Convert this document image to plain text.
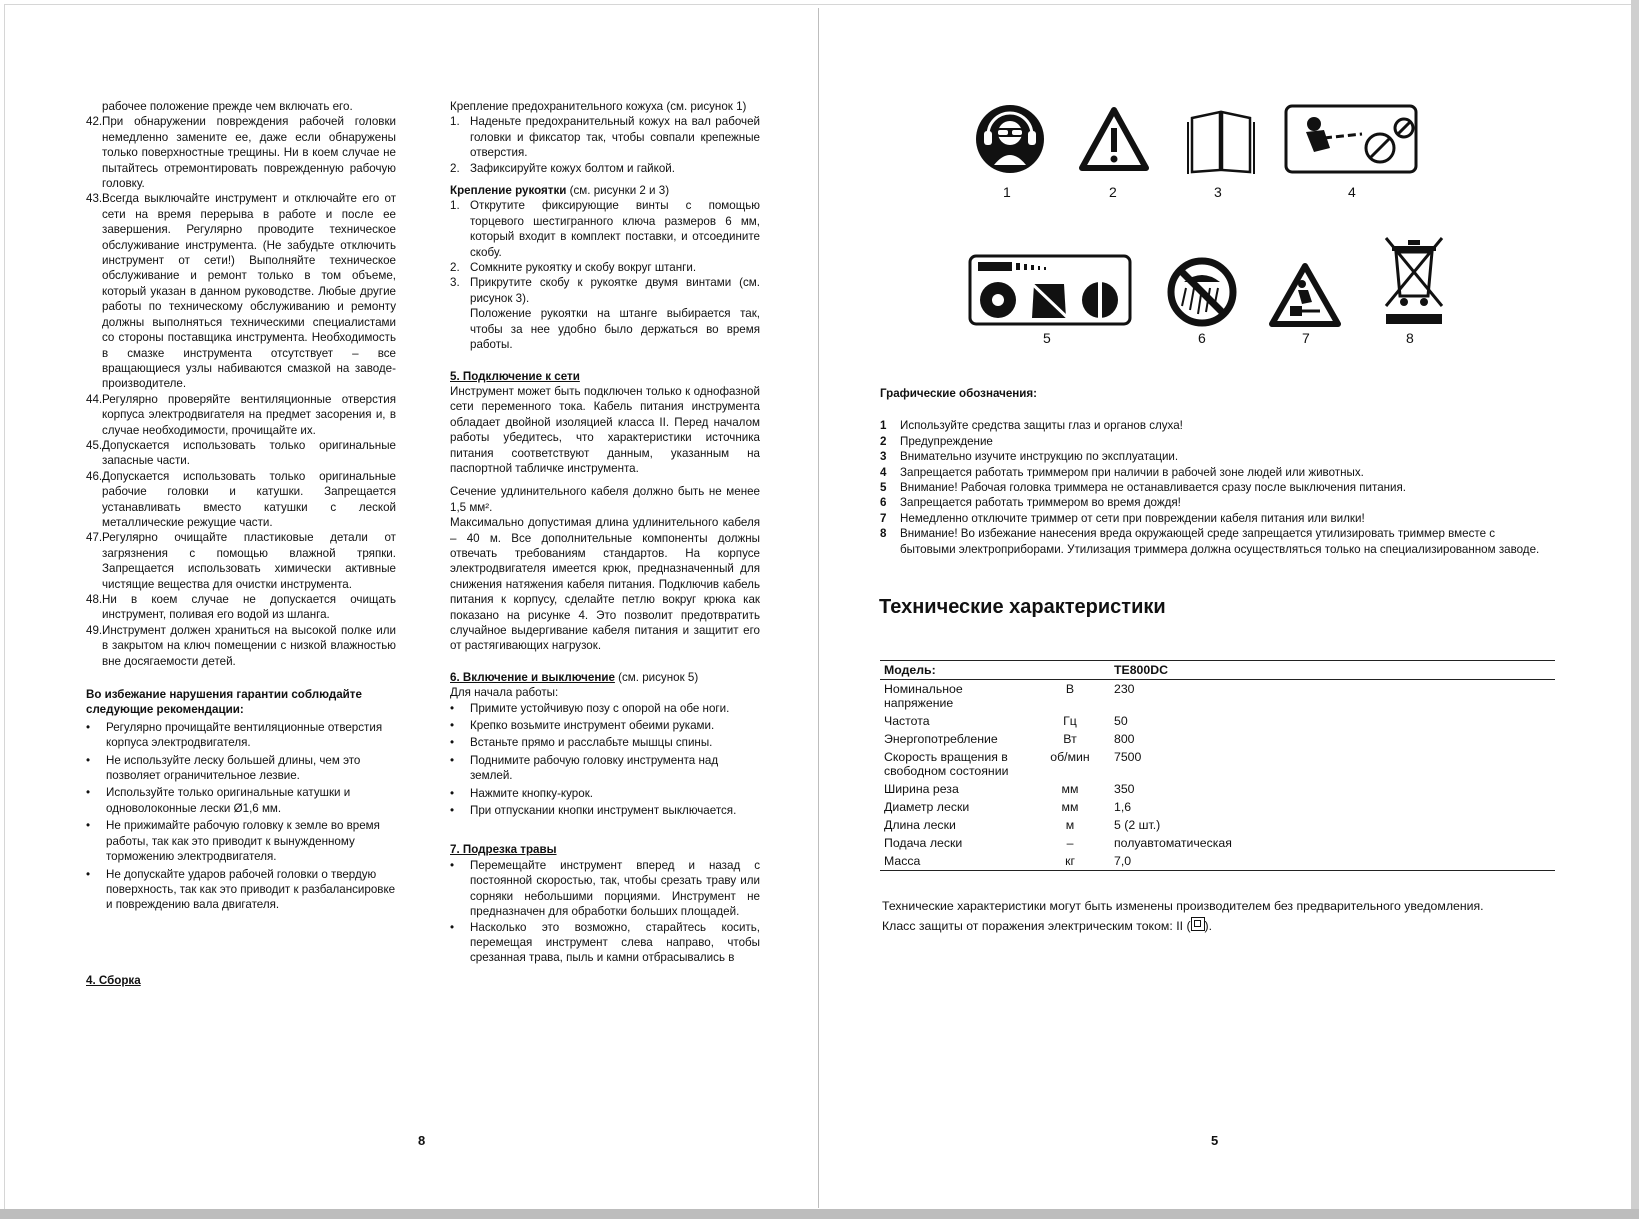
рабочее положение прежде чем включать его.

42. При обнаружении повреждения рабочей головки немедленно замените ее, даже если обнаружены только поверхностные трещины. Ни в коем случае не пытайтесь отремонтировать поврежденную рабочую головку.
43. Всегда выключайте инструмент и отключайте его от сети на время перерыва в работе и после ее завершения. Регулярно проводите техническое обслуживание инструмента. (Не забудьте отключить инструмент от сети!) Выполняйте техническое обслуживание и ремонт только в том объеме, который указан в данном руководстве. Любые другие работы по техническому обслуживанию и ремонту должны выполняться техническими специалистами со стороны поставщика инструмента. Необходимость в смазке инструмента отсутствует – все вращающиеся узлы набиваются смазкой на заводе-производителе.
44. Регулярно проверяйте вентиляционные отверстия корпуса электродвигателя на предмет засорения и, в случае необходимости, прочищайте их.
45. Допускается использовать только оригинальные запасные части.
46. Допускается использовать только оригинальные рабочие головки и катушки. Запрещается устанавливать вместо катушки с леской металлические режущие части.
47. Регулярно очищайте пластиковые детали от загрязнения с помощью влажной тряпки. Запрещается использовать химически активные чистящие вещества для очистки инструмента.
48. Ни в коем случае не допускается очищать инструмент, поливая его водой из шланга.
49. Инструмент должен храниться на высокой полке или в закрытом на ключ помещении с низкой влажностью вне досягаемости детей.

Во избежание нарушения гарантии соблюдайте следующие рекомендации:

•	Регулярно прочищайте вентиляционные отверстия корпуса электродвигателя.
•	Не используйте леску большей длины, чем это позволяет ограничительное лезвие.
•	Используйте только оригинальные катушки и одноволоконные лески Ø1,6 мм.
•	Не прижимайте рабочую головку к земле во время работы, так как это приводит к вынужденному торможению электродвигателя.
•	Не допускайте ударов рабочей головки о твердую поверхность, так как это приводит к разбалансировке и повреждению вала двигателя.

4. Сборка

Крепление предохранительного кожуха (см. рисунок 1)

1. Наденьте предохранительный кожух на вал рабочей головки и фиксатор так, чтобы совпали крепежные отверстия.
2. Зафиксируйте кожух болтом и гайкой.

Крепление рукоятки (см. рисунки 2 и 3)

1. Открутите фиксирующие винты с помощью торцевого шестигранного ключа размеров 6 мм, который входит в комплект поставки, и отсоедините скобу.
2. Сомкните рукоятку и скобу вокруг штанги.
3. Прикрутите скобу к рукоятке двумя винтами (см. рисунок 3).

Положение рукоятки на штанге выбирается так, чтобы за нее удобно было держаться во время работы.

5. Подключение к сети

Инструмент может быть подключен только к однофазной сети переменного тока. Кабель питания инструмента обладает двойной изоляцией класса II. Перед началом работы убедитесь, что характеристики источника питания соответствуют данным, указанным на паспортной табличке инструмента.

Сечение удлинительного кабеля должно быть не менее 1,5 мм².

Максимально допустимая длина удлинительного кабеля – 40 м. Все дополнительные компоненты должны отвечать требованиям стандартов. На корпусе электродвигателя имеется крюк, предназначенный для снижения натяжения кабеля питания. Подключив кабель питания к корпусу, сделайте петлю вокруг крюка как показано на рисунке 4. Это позволит предотвратить случайное выдергивание кабеля питания и защитит его от растягивающих нагрузок.

6. Включение и выключение (см. рисунок 5)

Для начала работы:

•	Примите устойчивую позу с опорой на обе ноги.
•	Крепко возьмите инструмент обеими руками.
•	Встаньте прямо и расслабьте мышцы спины.
•	Поднимите рабочую головку инструмента над землей.
•	Нажмите кнопку-курок.
•	При отпускании кнопки инструмент выключается.

7. Подрезка травы

•	Перемещайте инструмент вперед и назад с постоянной скоростью, так, чтобы срезать траву или сорняки небольшими порциями. Инструмент не предназначен для обработки больших площадей.
•	Насколько это возможно, старайтесь косить, перемещая инструмент слева направо, чтобы срезанная трава, пыль и камни отбрасывались в
8
1	2	3	4
5	6	7	8

Графические обозначения:

1	Используйте средства защиты глаз и органов слуха!
2	Предупреждение
3	Внимательно изучите инструкцию по эксплуатации.
4	Запрещается работать триммером при наличии в рабочей зоне людей или животных.
5	Внимание! Рабочая головка триммера не останавливается сразу после выключения питания.
6	Запрещается работать триммером во время дождя!
7	Немедленно отключите триммер от сети при повреждении кабеля питания или вилки!
8	Внимание! Во избежание нанесения вреда окружающей среде запрещается утилизировать триммер вместе с бытовыми электроприборами. Утилизация триммера должна осуществляться только на специализированном заводе.
Технические характеристики
Модель:		TE800DC
Номинальное напряжение	В	230
Частота	Гц	50
Энергопотребление	Вт	800
Скорость вращения в свободном состоянии	об/мин	7500
Ширина реза	мм	350
Диаметр лески	мм	1,6
Длина лески	м	5 (2 шт.)
Подача лески	–	полуавтоматическая
Масса	кг	7,0

Технические характеристики могут быть изменены производителем без предварительного уведомления.

Класс защиты от поражения электрическим током: II ( ).

5
